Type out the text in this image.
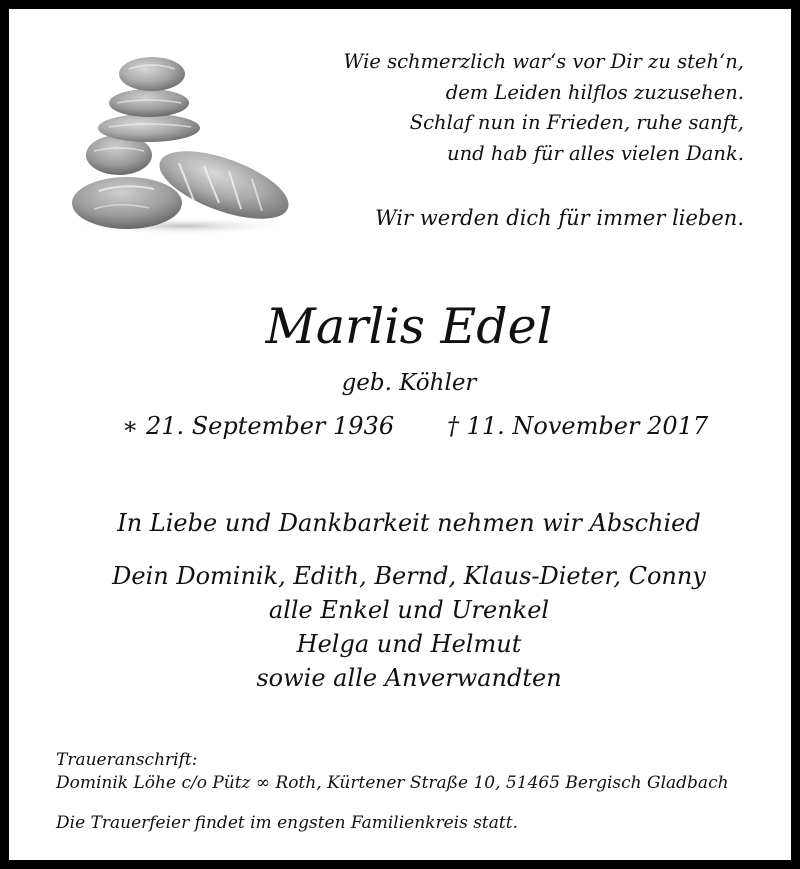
Wie schmerzlich war‘s vor Dir zu steh‘n,
dem Leiden hilflos zuzusehen.
Schlaf nun in Frieden, ruhe sanft,
und hab für alles vielen Dank.
Wir werden dich für immer lieben.
Marlis Edel
geb. Köhler
∗ 21. September 1936 † 11. November 2017
In Liebe und Dankbarkeit nehmen wir Abschied
Dein Dominik, Edith, Bernd, Klaus-Dieter, Conny
alle Enkel und Urenkel
Helga und Helmut
sowie alle Anverwandten
Traueranschrift:
Dominik Löhe c/o Pütz ∞ Roth, Kürtener Straße 10, 51465 Bergisch Gladbach
Die Trauerfeier findet im engsten Familienkreis statt.
